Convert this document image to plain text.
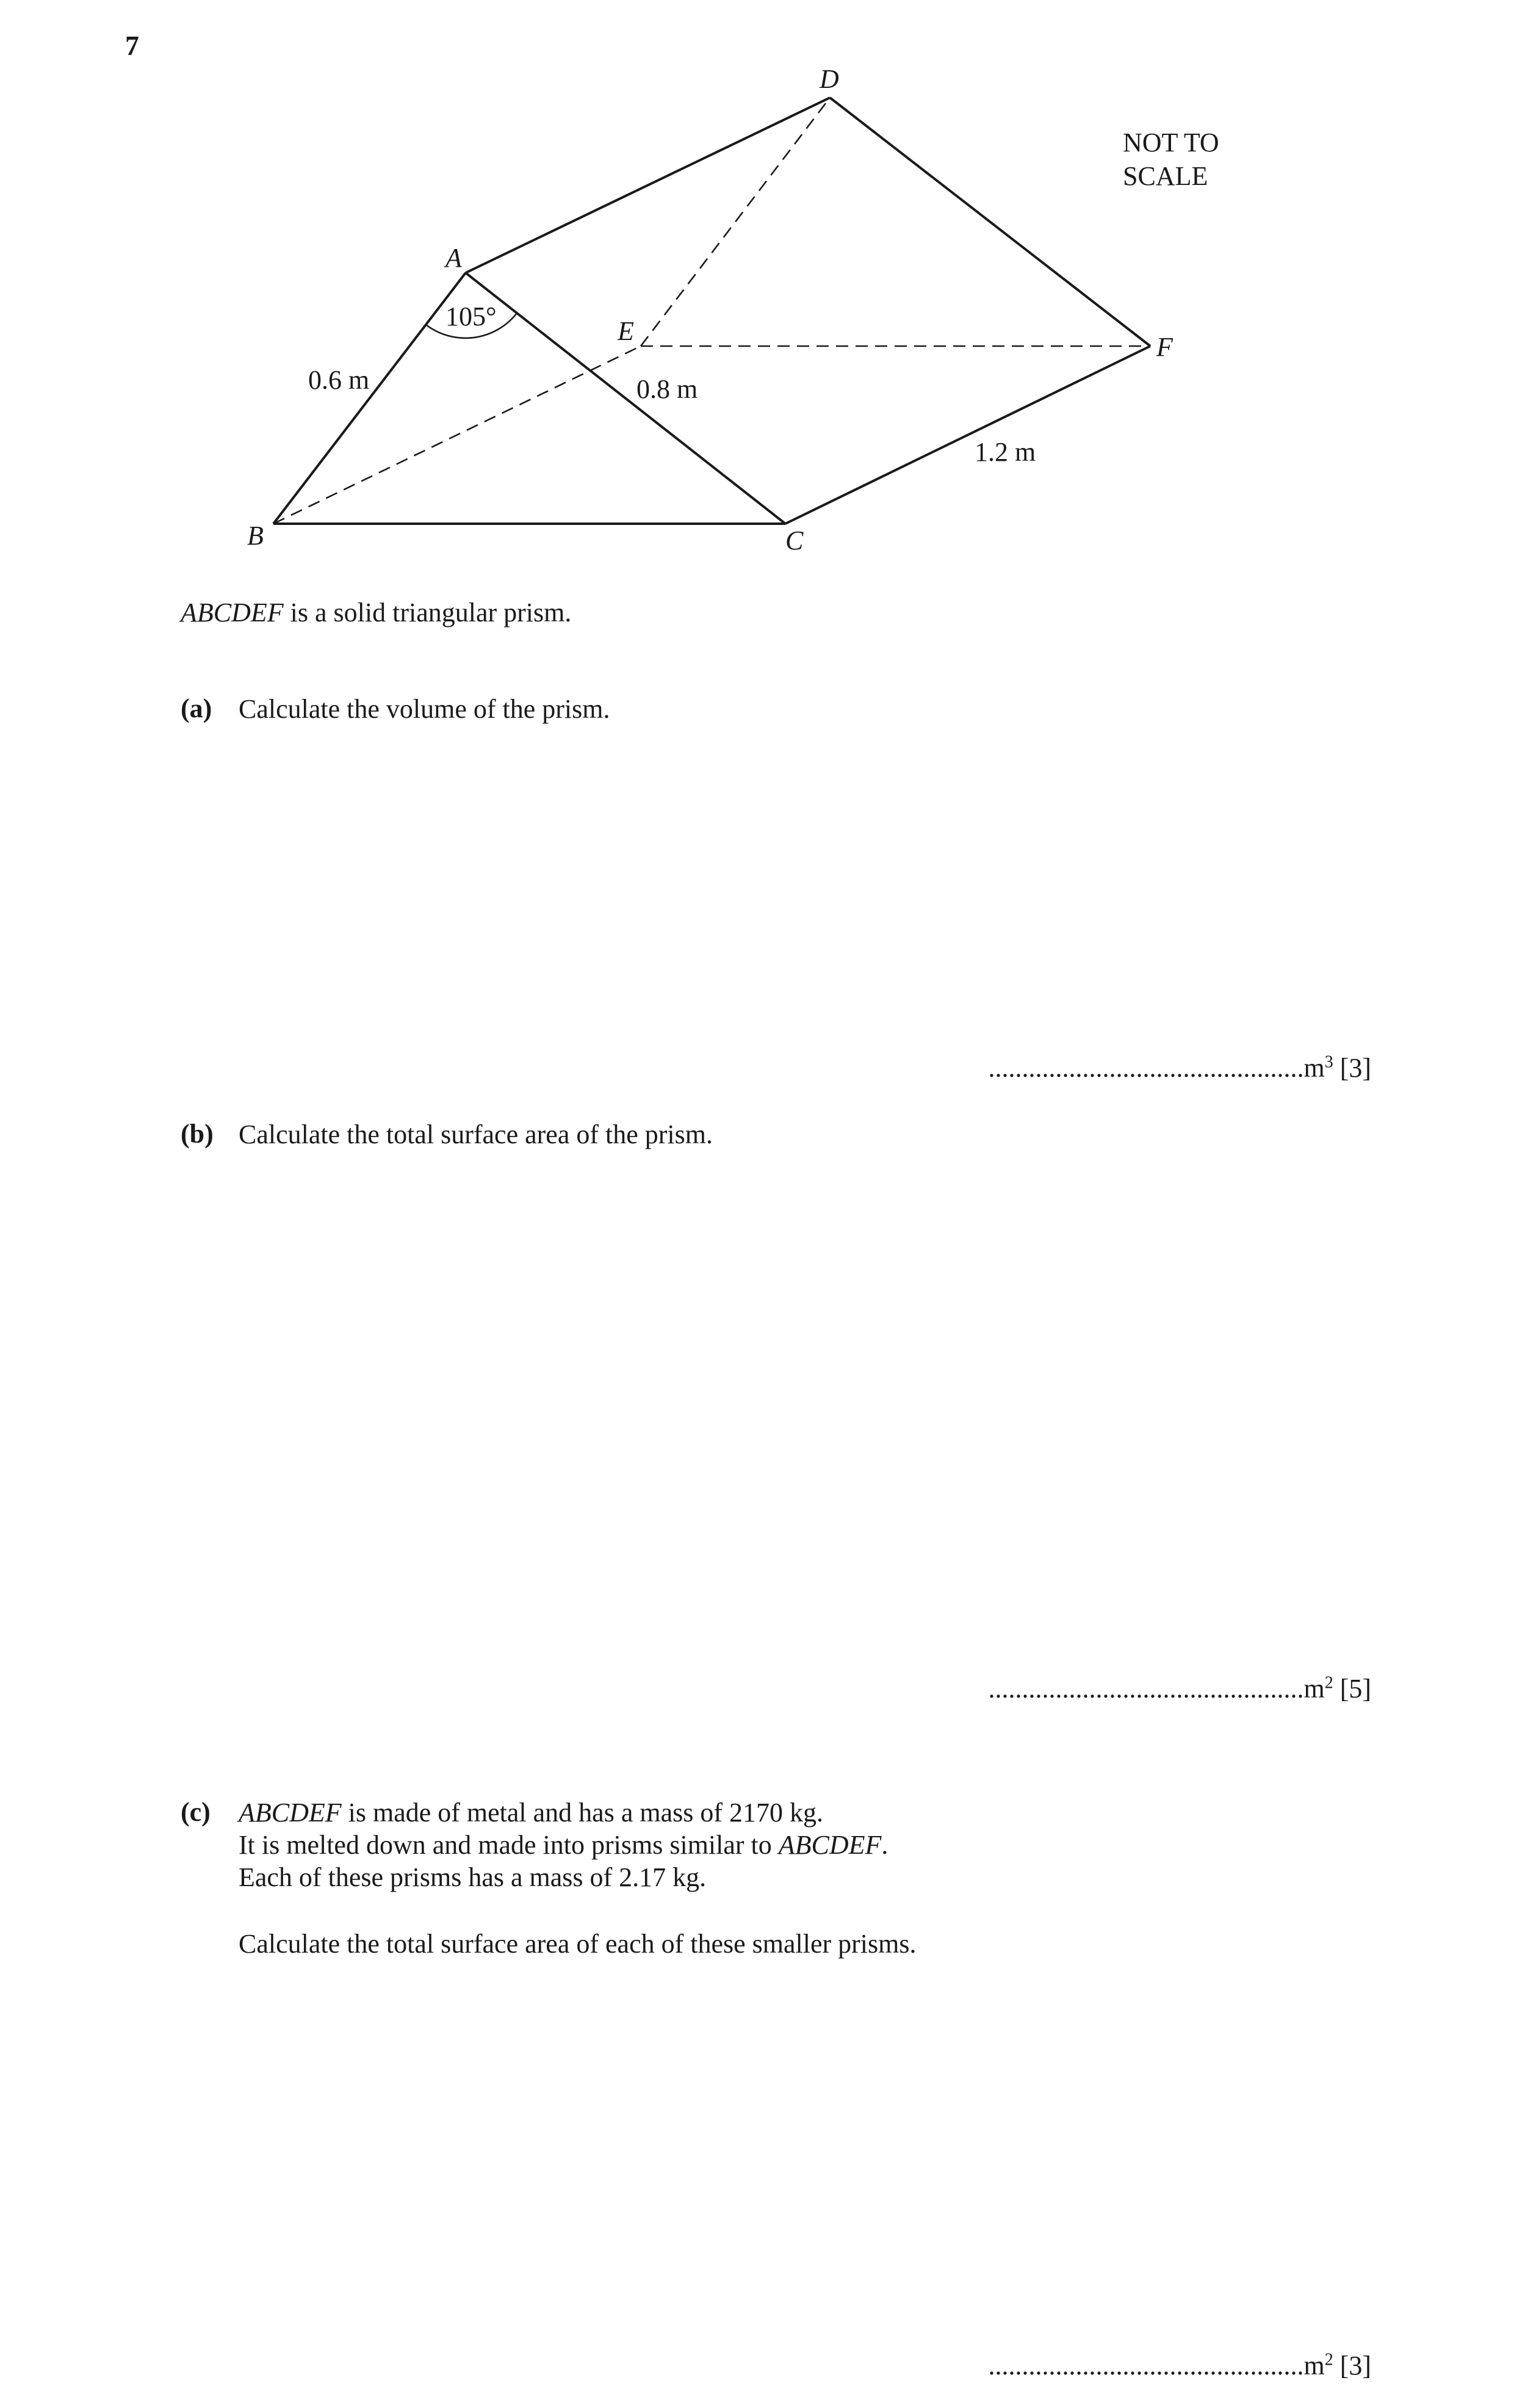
7
A
B	C
D
E
F
105°
0.6 m	0.8 m
1.2 m
NOT TO
SCALE
ABCDEF is a solid triangular prism.
(a) Calculate the volume of the prism.
$...............................................m^3$ [3]
(b) Calculate the total surface area of the prism.
$...............................................m^2$ [5]
(c) ABCDEF is made of metal and has a mass of 2170 kg.
It is melted down and made into prisms similar to ABCDEF.
Each of these prisms has a mass of 2.17 kg.
Calculate the total surface area of each of these smaller prisms.
$...............................................m^2$ [3]
